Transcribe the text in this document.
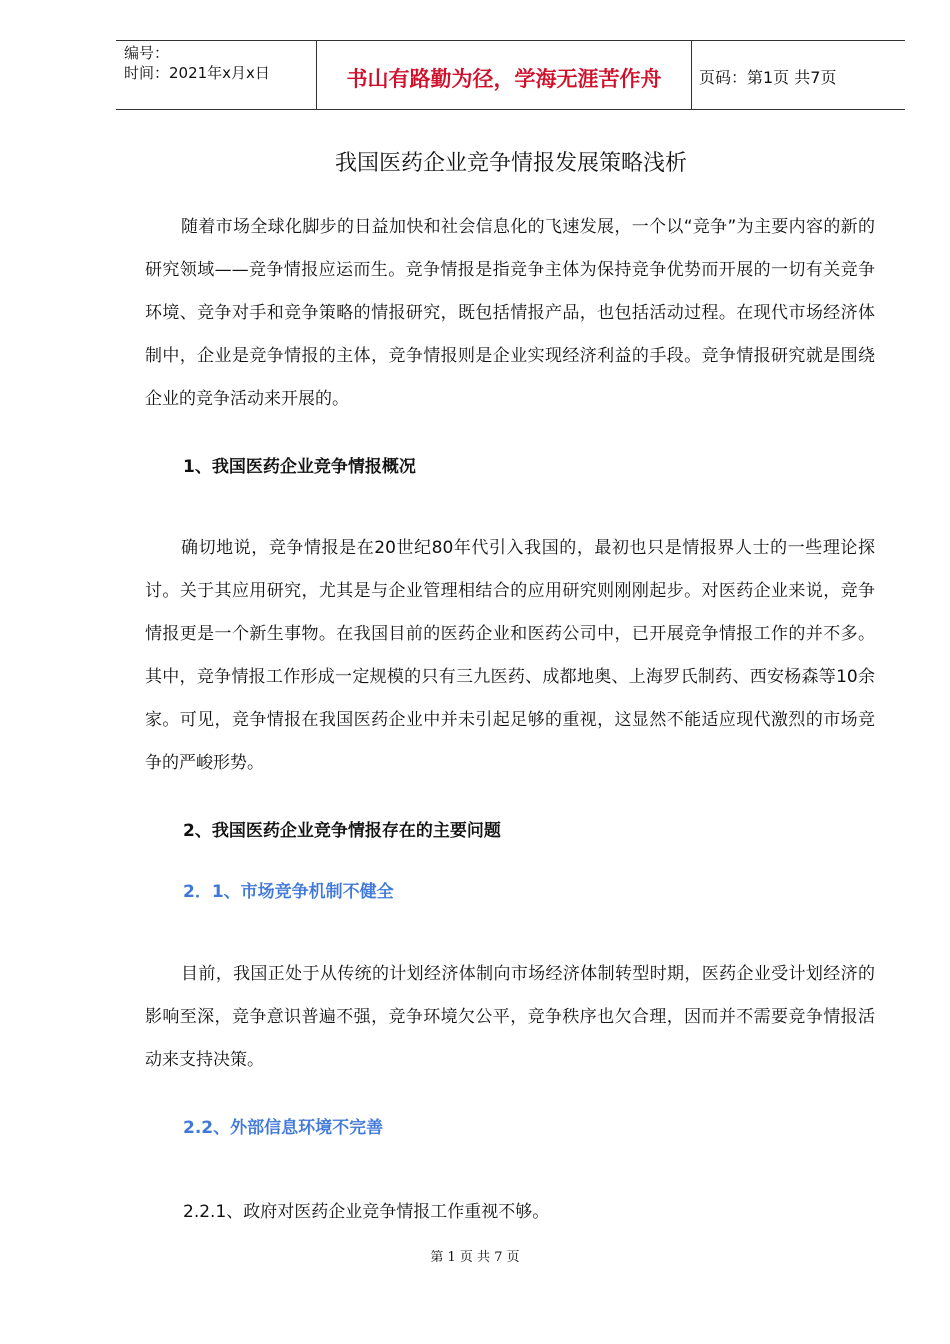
编号：
时间：2021年x月x日	书山有路勤为径，学海无涯苦作舟	页码：第1页 共7页
我国医药企业竞争情报发展策略浅析

随着市场全球化脚步的日益加快和社会信息化的飞速发展，一个以“竞争”为主要内容的新的研究领域——竞争情报应运而生。竞争情报是指竞争主体为保持竞争优势而开展的一切有关竞争环境、竞争对手和竞争策略的情报研究，既包括情报产品，也包括活动过程。在现代市场经济体制中，企业是竞争情报的主体，竞争情报则是企业实现经济利益的手段。竞争情报研究就是围绕企业的竞争活动来开展的。

1、我国医药企业竞争情报概况

确切地说，竞争情报是在20世纪80年代引入我国的，最初也只是情报界人士的一些理论探讨。关于其应用研究，尤其是与企业管理相结合的应用研究则刚刚起步。对医药企业来说，竞争情报更是一个新生事物。在我国目前的医药企业和医药公司中，已开展竞争情报工作的并不多。其中，竞争情报工作形成一定规模的只有三九医药、成都地奥、上海罗氏制药、西安杨森等10余家。可见，竞争情报在我国医药企业中并未引起足够的重视，这显然不能适应现代激烈的市场竞争的严峻形势。

2、我国医药企业竞争情报存在的主要问题

2．1、市场竞争机制不健全

目前，我国正处于从传统的计划经济体制向市场经济体制转型时期，医药企业受计划经济的影响至深，竞争意识普遍不强，竞争环境欠公平，竞争秩序也欠合理，因而并不需要竞争情报活动来支持决策。

2.2、外部信息环境不完善

2.2.1、政府对医药企业竞争情报工作重视不够。

第 1 页 共 7 页
